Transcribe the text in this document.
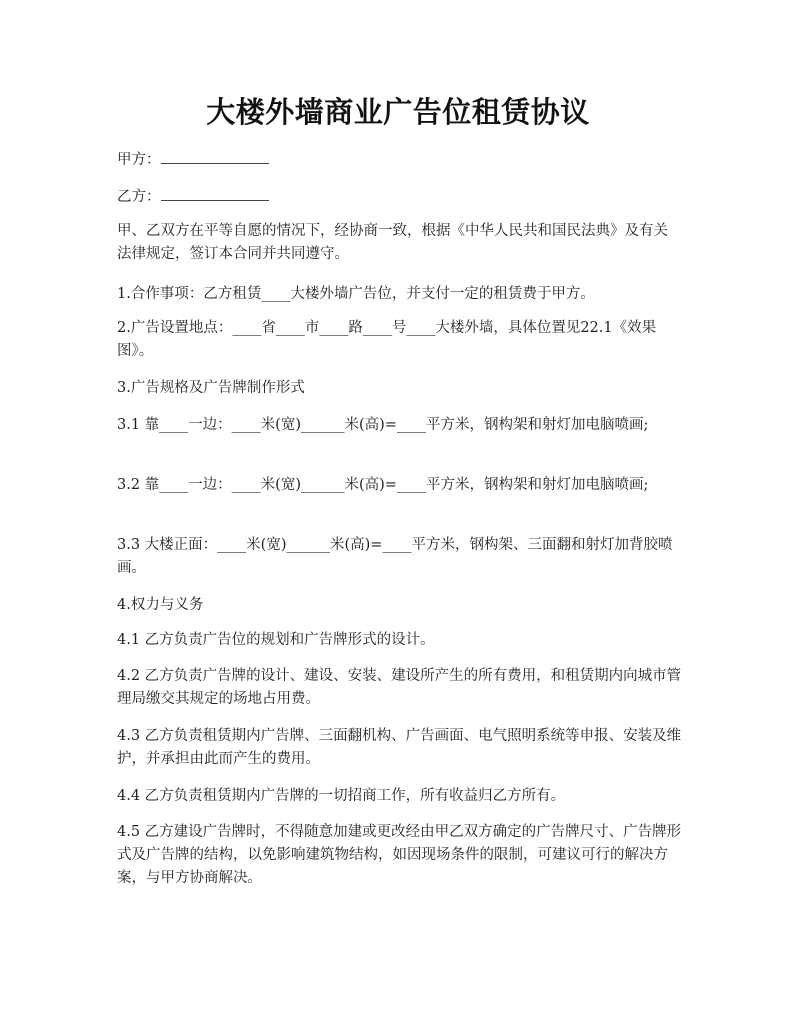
大楼外墙商业广告位租赁协议

甲方：

乙方：

甲、乙双方在平等自愿的情况下，经协商一致，根据《中华人民共和国民法典》及有关法律规定，签订本合同并共同遵守。

1.合作事项：乙方租赁____大楼外墙广告位，并支付一定的租赁费于甲方。

2.广告设置地点：____省____市____路____号____大楼外墙，具体位置见22.1《效果图》。

3.广告规格及广告牌制作形式

3.1 靠____一边：____米(宽)______米(高)=____平方米，钢构架和射灯加电脑喷画;

3.2 靠____一边：____米(宽)______米(高)=____平方米，钢构架和射灯加电脑喷画;

3.3 大楼正面：____米(宽)______米(高)=____平方米，钢构架、三面翻和射灯加背胶喷画。

4.权力与义务

4.1 乙方负责广告位的规划和广告牌形式的设计。

4.2 乙方负责广告牌的设计、建设、安装、建设所产生的所有费用，和租赁期内向城市管理局缴交其规定的场地占用费。

4.3 乙方负责租赁期内广告牌、三面翻机构、广告画面、电气照明系统等申报、安装及维护，并承担由此而产生的费用。

4.4 乙方负责租赁期内广告牌的一切招商工作，所有收益归乙方所有。

4.5 乙方建设广告牌时，不得随意加建或更改经由甲乙双方确定的广告牌尺寸、广告牌形式及广告牌的结构，以免影响建筑物结构，如因现场条件的限制，可建议可行的解决方案，与甲方协商解决。
